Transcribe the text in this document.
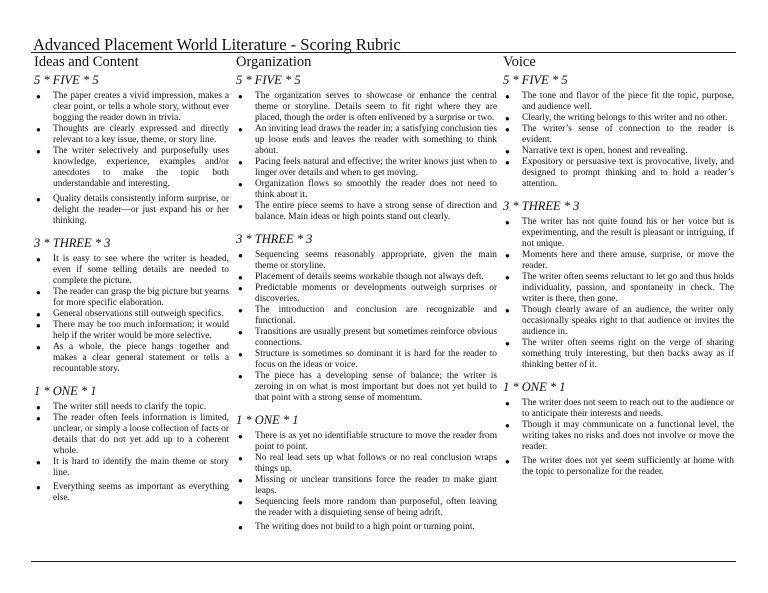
Advanced Placement World Literature - Scoring Rubric
Ideas and Content
5 * FIVE * 5
● The paper creates a vivid impression, makes a clear point, or tells a whole story, without ever bogging the reader down in trivia.
● Thoughts are clearly expressed and directly relevant to a key issue, theme, or story line.
● The writer selectively and purposefully uses knowledge, experience, examples and/or anecdotes to make the topic both understandable and interesting.
● Quality details consistently inform surprise, or delight the reader—or just expand his or her thinking.
3 * THREE * 3
● It is easy to see where the writer is headed, even if some telling details are needed to complete the picture.
● The reader can grasp the big picture but yearns for more specific elaboration.
● General observations still outweigh specifics.
● There may be too much information; it would help if the writer would be more selective.
● As a whole, the piece hangs together and makes a clear general statement or tells a recountable story.
1 * ONE * 1
● The writer still needs to clarify the topic.
● The reader often feels information is limited, unclear, or simply a loose collection of facts or details that do not yet add up to a coherent whole.
● It is hard to identify the main theme or story line.
● Everything seems as important as everything else.
Organization
5 * FIVE * 5
● The organization serves to showcase or enhance the central theme or storyline. Details seem to fit right where they are placed, though the order is often enlivened by a surprise or two.
● An inviting lead draws the reader in; a satisfying conclusion ties up loose ends and leaves the reader with something to think about.
● Pacing feels natural and effective; the writer knows just when to linger over details and when to get moving.
● Organization flows so smoothly the reader does not need to think about it.
● The entire piece seems to have a strong sense of direction and balance. Main ideas or high points stand out clearly.
3 * THREE * 3
● Sequencing seems reasonably appropriate, given the main theme or storyline.
● Placement of details seems workable though not always deft.
● Predictable moments or developments outweigh surprises or discoveries.
● The introduction and conclusion are recognizable and functional.
● Transitions are usually present but sometimes reinforce obvious connections.
● Structure is sometimes so dominant it is hard for the reader to focus on the ideas or voice.
● The piece has a developing sense of balance; the writer is zeroing in on what is most important but does not yet build to that point with a strong sense of momentum.
1 * ONE * 1
● There is as yet no identifiable structure to move the reader from point to point.
● No real lead sets up what follows or no real conclusion wraps things up.
● Missing or unclear transitions force the reader to make giant leaps.
● Sequencing feels more random than purposeful, often leaving the reader with a disquieting sense of being adrift.
● The writing does not build to a high point or turning point.
Voice
5 * FIVE * 5
● The tone and flavor of the piece fit the topic, purpose, and audience well.
● Clearly, the writing belongs to this writer and no other.
● The writer’s sense of connection to the reader is evident.
● Narrative text is open, honest and revealing.
● Expository or persuasive text is provocative, lively, and designed to prompt thinking and to hold a reader’s attention.
3 * THREE * 3
● The writer has not quite found his or her voice but is experimenting, and the result is pleasant or intriguing, if not unique.
● Moments here and there amuse, surprise, or move the reader.
● The writer often seems reluctant to let go and thus holds individuality, passion, and spontaneity in check. The writer is there, then gone.
● Though clearly aware of an audience, the writer only occasionally speaks right to that audience or invites the audience in.
● The writer often seems right on the verge of sharing something truly interesting, but then backs away as if thinking better of it.
1 * ONE * 1
● The writer does not seem to reach out to the audience or to anticipate their interests and needs.
● Though it may communicate on a functional level, the writing takes no risks and does not involve or move the reader.
● The writer does not yet seem sufficiently at home with the topic to personalize for the reader.
